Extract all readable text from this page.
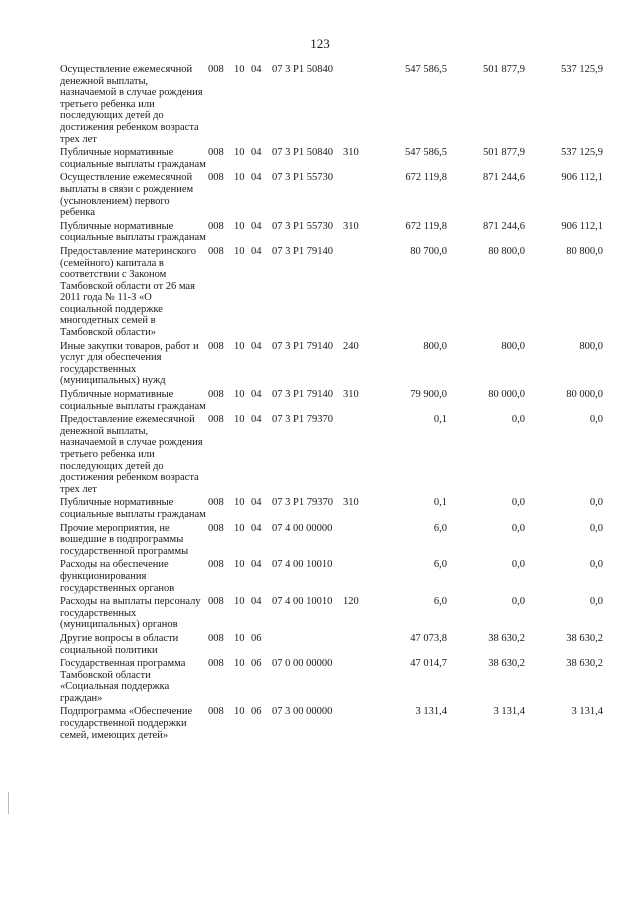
123
Осуществление ежемесячной денежной выплаты, назначаемой в случае рождения третьего ребенка или последующих детей до достижения ребенком возраста трех лет
008 10 04 07 3 P1 50840	547 586,5	501 877,9	537 125,9
Публичные нормативные социальные выплаты гражданам
008 10 04 07 3 P1 50840 310	547 586,5	501 877,9	537 125,9
Осуществление ежемесячной выплаты в связи с рождением (усыновлением) первого ребенка
008 10 04 07 3 P1 55730	672 119,8	871 244,6	906 112,1
Публичные нормативные социальные выплаты гражданам
008 10 04 07 3 P1 55730 310	672 119,8	871 244,6	906 112,1
Предоставление материнского (семейного) капитала в соответствии с Законом Тамбовской области от 26 мая 2011 года № 11-З «О социальной поддержке многодетных семей в Тамбовской области»
008 10 04 07 3 P1 79140	80 700,0	80 800,0	80 800,0
Иные закупки товаров, работ и услуг для обеспечения государственных (муниципальных) нужд
008 10 04 07 3 P1 79140 240	800,0	800,0	800,0
Публичные нормативные социальные выплаты гражданам
008 10 04 07 3 P1 79140 310	79 900,0	80 000,0	80 000,0
Предоставление ежемесячной денежной выплаты, назначаемой в случае рождения третьего ребенка или последующих детей до достижения ребенком возраста трех лет
008 10 04 07 3 P1 79370	0,1	0,0	0,0
Публичные нормативные социальные выплаты гражданам
008 10 04 07 3 P1 79370 310	0,1	0,0	0,0
Прочие мероприятия, не вошедшие в подпрограммы государственной программы
008 10 04 07 4 00 00000	6,0	0,0	0,0
Расходы на обеспечение функционирования государственных органов
008 10 04 07 4 00 10010	6,0	0,0	0,0
Расходы на выплаты персоналу государственных (муниципальных) органов
008 10 04 07 4 00 10010 120	6,0	0,0	0,0
Другие вопросы в области социальной политики
008 10 06	47 073,8	38 630,2	38 630,2
Государственная программа Тамбовской области «Социальная поддержка граждан»
008 10 06 07 0 00 00000	47 014,7	38 630,2	38 630,2
Подпрограмма «Обеспечение государственной поддержки семей, имеющих детей»
008 10 06 07 3 00 00000	3 131,4	3 131,4	3 131,4
